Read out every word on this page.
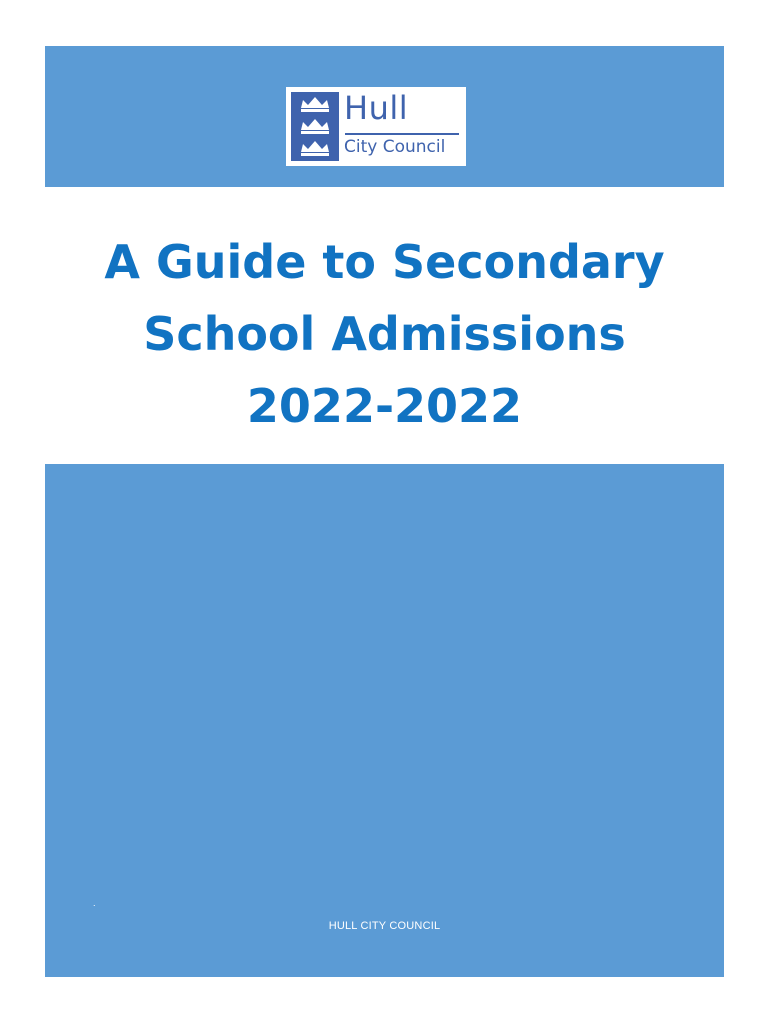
Hull
City Council
A Guide to Secondary
School Admissions
2022-2022
.
HULL CITY COUNCIL
